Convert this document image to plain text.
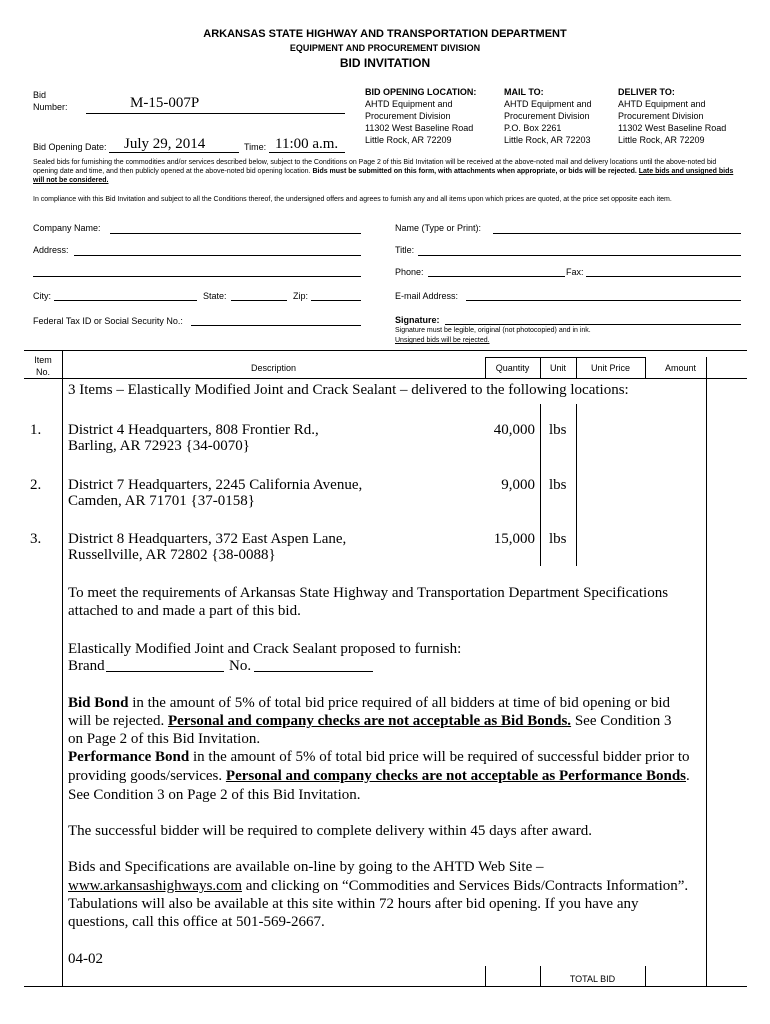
ARKANSAS STATE HIGHWAY AND TRANSPORTATION DEPARTMENT
EQUIPMENT AND PROCUREMENT DIVISION
BID INVITATION
Bid
Number:	M-15-007P
Bid Opening Date: July 29, 2014	Time: 11:00 a.m.
BID OPENING LOCATION:
AHTD Equipment and
Procurement Division
11302 West Baseline Road
Little Rock, AR 72209
MAIL TO:
AHTD Equipment and
Procurement Division
P.O. Box 2261
Little Rock, AR 72203
DELIVER TO:
AHTD Equipment and
Procurement Division
11302 West Baseline Road
Little Rock, AR 72209
Sealed bids for furnishing the commodities and/or services described below, subject to the Conditions on Page 2 of this Bid Invitation will be received at the above-noted mail and delivery locations until the above-noted bid opening date and time, and then publicly opened at the above-noted bid opening location. Bids must be submitted on this form, with attachments when appropriate, or bids will be rejected. Late bids and unsigned bids will not be considered.
In compliance with this Bid Invitation and subject to all the Conditions thereof, the undersigned offers and agrees to furnish any and all items upon which prices are quoted, at the price set opposite each item.
Company Name:
Address:
City:	State:	Zip:
Federal Tax ID or Social Security No.:
Name (Type or Print):
Title:
Phone:	Fax:
E-mail Address:
Signature:
Signature must be legible, original (not photocopied) and in ink.
Unsigned bids will be rejected.
Item
No.	Description	Quantity	Unit	Unit Price	Amount
3 Items – Elastically Modified Joint and Crack Sealant – delivered to the following locations:
1. District 4 Headquarters, 808 Frontier Rd.,
Barling, AR 72923 {34-0070}
40,000 lbs
2. District 7 Headquarters, 2245 California Avenue,
Camden, AR 71701 {37-0158}
9,000 lbs
3. District 8 Headquarters, 372 East Aspen Lane,
Russellville, AR 72802 {38-0088}
15,000 lbs
To meet the requirements of Arkansas State Highway and Transportation Department Specifications
attached to and made a part of this bid.
Elastically Modified Joint and Crack Sealant proposed to furnish:
Brand	No.
Bid Bond in the amount of 5% of total bid price required of all bidders at time of bid opening or bid
will be rejected. Personal and company checks are not acceptable as Bid Bonds. See Condition 3
on Page 2 of this Bid Invitation.
Performance Bond in the amount of 5% of total bid price will be required of successful bidder prior to
providing goods/services. Personal and company checks are not acceptable as Performance Bonds.
See Condition 3 on Page 2 of this Bid Invitation.
The successful bidder will be required to complete delivery within 45 days after award.
Bids and Specifications are available on-line by going to the AHTD Web Site –
www.arkansashighways.com and clicking on “Commodities and Services Bids/Contracts Information”.
Tabulations will also be available at this site within 72 hours after bid opening. If you have any
questions, call this office at 501-569-2667.
04-02
TOTAL BID
